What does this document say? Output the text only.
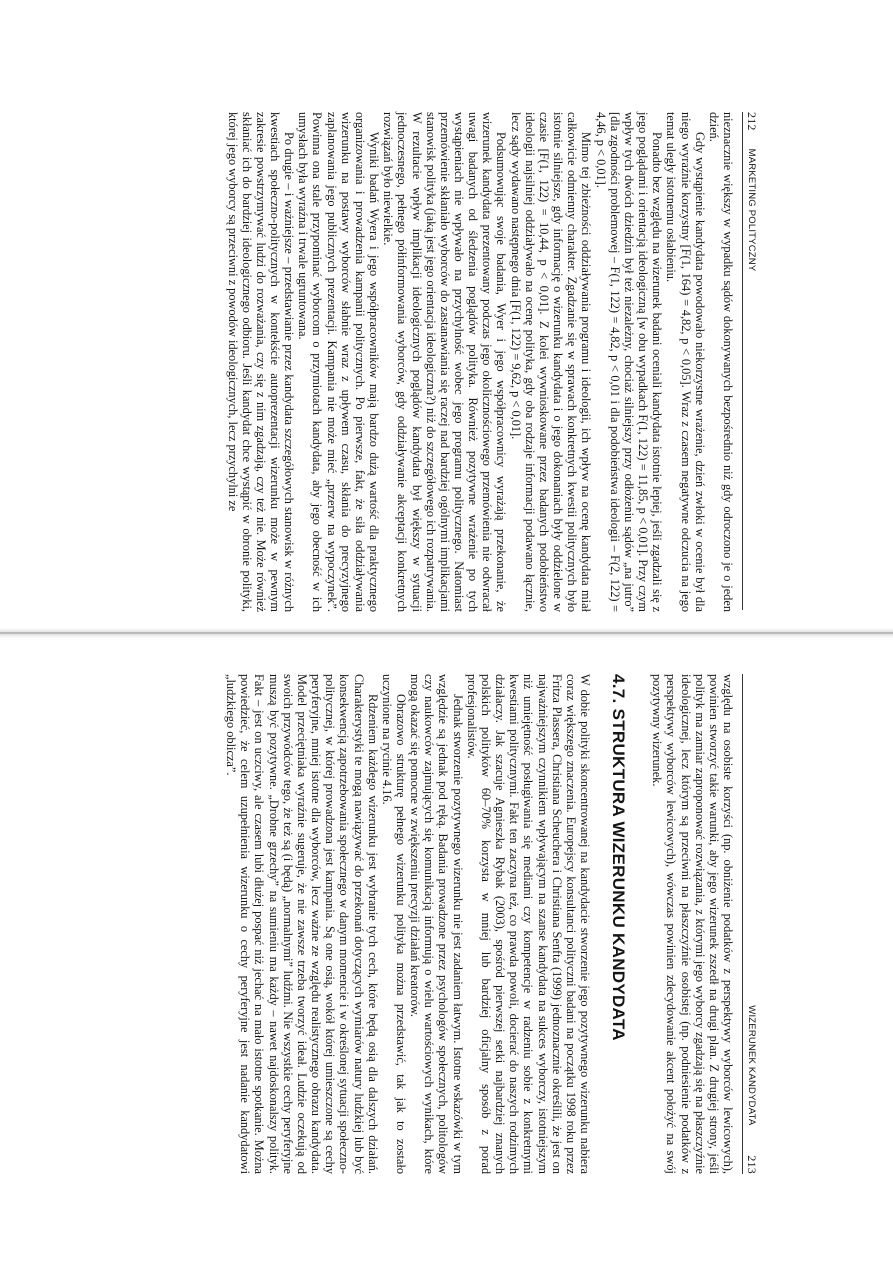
212
MARKETING POLITYCZNY

nieznacznie większy w wypadku sądów dokonywanych bezpośrednio niż gdy odroczono je o jeden dzień.

Gdy wystąpienie kandydata powodowało niekorzystne wrażenie, dzień zwłoki w ocenie był dla niego wyraźnie korzystny [F(1, 164) = 4,82, p < 0,05]. Wraz z czasem negatywne odczucia na jego temat uległy istotnemu osłabieniu.

Ponadto bez względu na wizerunek badani oceniali kandydata istotnie lepiej, jeśli zgadzali się z jego poglądami i orientacją ideologiczną [w obu wypadkach F(1, 122) = 11,85, p < 0,01]. Przy czym wpływ tych dwóch dziedzin był też niezależny, chociaż silniejszy przy odłożeniu sądów „na jutro” [dla zgodności problemowej – F(1, 122) = 4,82, p < 0,01 i dla podobieństwa ideologii – F(2, 122) = 4,46, p < 0,01].

Mimo tej zbieżności oddziaływania programu i ideologii, ich wpływ na ocenę kandydata miał całkowicie odmienny charakter. Zgadzanie się w sprawach konkretnych kwestii politycznych było istotnie silniejsze, gdy informację o wizerunku kandydata i o jego dokonaniach były oddzielone w czasie [F(1, 122) = 10,44, p < 0,01]. Z kolei wywnioskowane przez badanych podobieństwo ideologii najsilniej oddziaływało na ocenę polityka, gdy oba rodzaje informacji podawano łącznie, lecz sądy wydawano następnego dnia [F(1, 122) = 9,62, p < 0,01].

Podsumowując swoje badania, Wyer i jego współpracownicy wyrażają przekonanie, że wizerunek kandydata prezentowany podczas jego okolicznościowego przemówienia nie odwracał uwagi badanych od śledzenia poglądów polityka. Również pozytywne wrażenie po tych wystąpieniach nie wpływało na przychylność wobec jego programu politycznego. Natomiast przemówienie skłaniało wyborców do zastanawiania się raczej nad bardziej ogólnymi implikacjami stanowisk polityka (jaką jest jego orientacja ideologiczna?) niż do szczegółowego ich rozpatrywania. W rezultacie wpływ implikacji ideologicznych poglądów kandydata był większy w sytuacji jednoczesnego, pełnego półinformowania wyborców, gdy oddziaływanie akceptacji konkretnych rozwiązań było niewielkie.

Wyniki badań Wyera i jego współpracowników mają bardzo dużą wartość dla praktycznego organizowania i prowadzenia kampanii politycznych. Po pierwsze, fakt, że siła oddziaływania wizerunku na postawy wyborców słabnie wraz z upływem czasu, skłania do precyzyjnego zaplanowania jego publicznych prezentacji. Kampania nie może mieć „przerw na wypoczynek”. Powinna ona stale przypominać wyborcom o przymiotach kandydata, aby jego obecność w ich umysłach była wyraźna i trwale ugruntowana.

Po drugie – i ważniejsze – przedstawianie przez kandydata szczegółowych stanowisk w różnych kwestiach społeczno-politycznych w kontekście autoprezentacji wizerunku może w pewnym zakresie powstrzymywać ludzi do rozważania, czy się z nim zgadzają, czy też nie. Może również skłaniać ich do bardziej ideologicznego odbioru. Jeśli kandydat chce wystąpić w obronie polityki, której jego wyborcy są przeciwni z powodów ideologicznych, lecz przychylni ze

WIZERUNEK KANDYDATA
213

względu na osobiste korzyści (np. obniżenie podatków z perspektywy wyborców lewicowych), powinien stworzyć takie warunki, aby jego wizerunek zszedł na drugi plan. Z drugiej strony, jeśli polityk ma zamiar zaproponować rozwiązania, z którymi jego wyborcy zgadzają się na płaszczyźnie ideologicznej, lecz którym są przeciwni na płaszczyźnie osobistej (np. podniesienie podatków z perspektywy wyborców lewicowych), wówczas powinien zdecydowanie akcent położyć na swój pozytywny wizerunek.

4.7. STRUKTURA WIZERUNKU KANDYDATA

W dobie polityki skoncentrowanej na kandydacie stworzenie jego pozytywnego wizerunku nabiera coraz większego znaczenia. Europejscy konsultanci polityczni badani na początku 1998 roku przez Fritza Plassera, Christiana Scheuchera i Christiana Senfta (1999) jednoznacznie określili, że jest on najważniejszym czynnikiem wpływającym na szanse kandydata na sukces wyborczy, istotniejszym niż umiejętność posługiwania się mediami czy kompetencje w radzeniu sobie z konkretnymi kwestiami politycznymi. Fakt ten zaczyna też, co prawda powoli, docierać do naszych rodzimych działaczy. Jak szacuje Agnieszka Rybak (2003), spośród pierwszej setki najbardziej znanych polskich polityków 60–70% korzysta w mniej lub bardziej oficjalny sposób z porad profesjonalistów.

Jednak stworzenie pozytywnego wizerunku nie jest zadaniem łatwym. Istotne wskazówki w tym względzie są jednak pod ręką. Badania prowadzone przez psychologów społecznych, politologów czy naukowców zajmujących się komunikacją informują o wielu wartościowych wynikach, które mogą okazać się pomocne w zwiększeniu precyzji działań kreatorów.

Obrazowo strukturę pełnego wizerunku polityka można przedstawić, tak jak to zostało uczynione na rycinie 4.16.

Rdzeniem każdego wizerunku jest wybranie tych cech, które będą osią dla dalszych działań. Charakterystyki te mogą nawiązywać do przekonań dotyczących wymiarów natury ludzkiej lub być konsekwencją zapotrzebowania społecznego w danym momencie i w określonej sytuacji społeczno-politycznej, w której prowadzona jest kampania. Są one osią, wokół której umieszczone są cechy peryferyjne, mniej istotne dla wyborców, lecz ważne ze względu realistycznego obrazu kandydata. Model przeciętniaka wyraźnie sugeruje, że nie zawsze trzeba tworzyć ideał. Ludzie oczekują od swoich przywódców tego, że też są (i będą) „normalnymi” ludźmi. Nie wszystkie cechy peryferyjne muszą być pozytywne. „Drobne grzechy” na sumieniu ma każdy – nawet najdoskonalszy polityk. Fakt – jest on uczciwy, ale czasem lubi dłużej pospać niż jechać na mało istotne spotkanie. Można powiedzieć, że celem uzupełnienia wizerunku o cechy peryferyjne jest nadanie kandydatowi „ludzkiego oblicza”.
